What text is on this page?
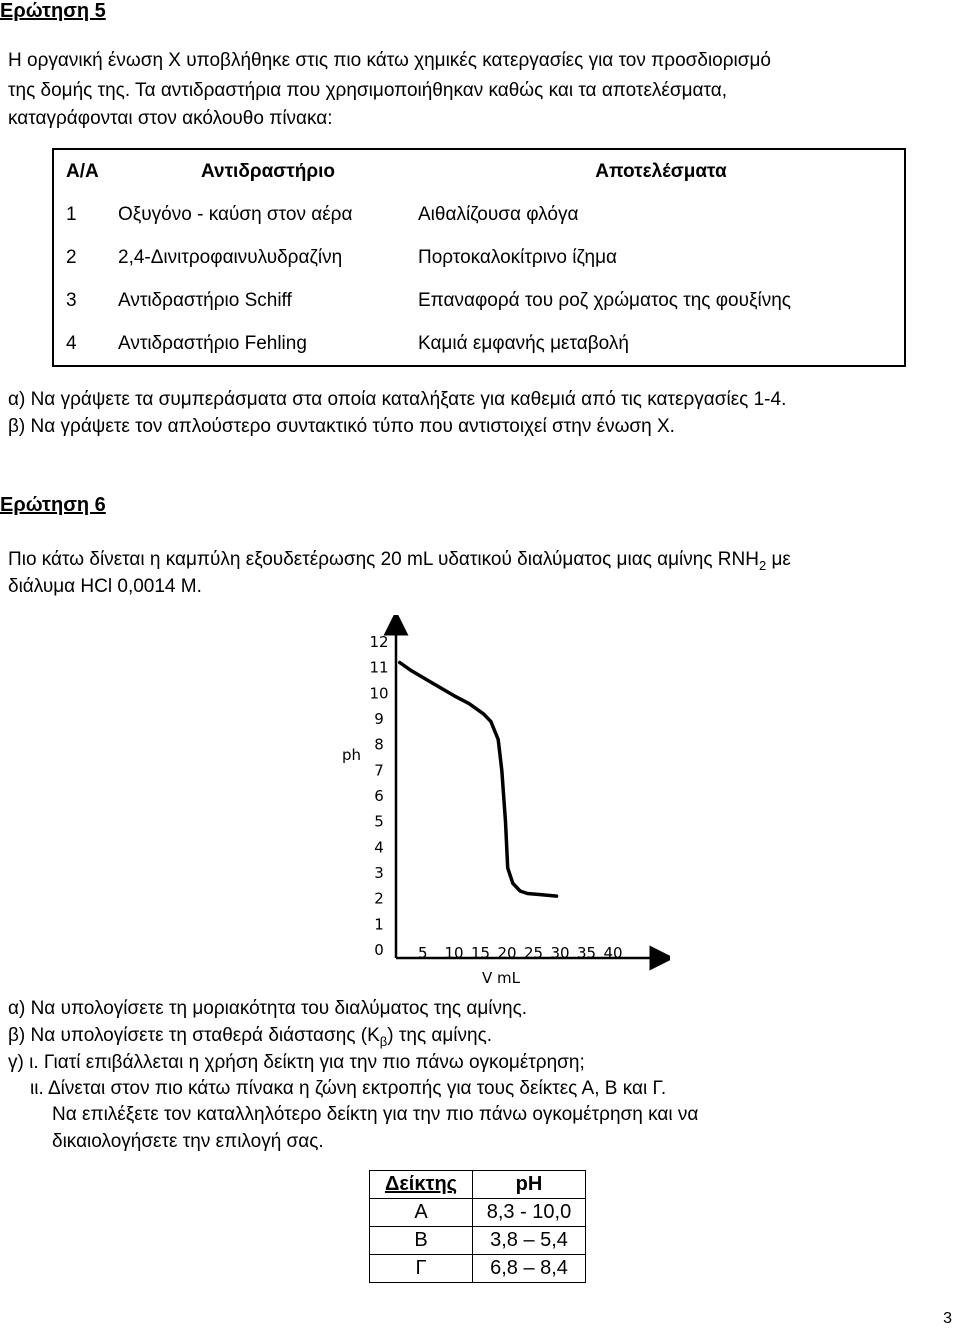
Ερώτηση 5
Η οργανική ένωση Χ υποβλήθηκε στις πιο κάτω χημικές κατεργασίες για τον προσδιορισμό
της δομής της. Τα αντιδραστήρια που χρησιμοποιήθηκαν καθώς και τα αποτελέσματα,
καταγράφονται στον ακόλουθο πίνακα:
Α/Α	Αντιδραστήριο	Αποτελέσματα
1	Οξυγόνο - καύση στον αέρα	Αιθαλίζουσα φλόγα
2	2,4-Δινιτροφαινυλυδραζίνη	Πορτοκαλοκίτρινο ίζημα
3	Αντιδραστήριο Schiff	Επαναφορά του ροζ χρώματος της φουξίνης
4	Αντιδραστήριο Fehling	Καμιά εμφανής μεταβολή
α) Να γράψετε τα συμπεράσματα στα οποία καταλήξατε για καθεμιά από τις κατεργασίες 1-4.
β) Να γράψετε τον απλούστερο συντακτικό τύπο που αντιστοιχεί στην ένωση Χ.
Ερώτηση 6
Πιο κάτω δίνεται η καμπύλη εξουδετέρωσης 20 mL υδατικού διαλύματος μιας αμίνης $RNH_2$ με
διάλυμα HCl 0,0014 M.
12
11
10
9
8
7
6
5
4
3
2
1
0 5 10 15 20 25 30 35 40
ph
V mL
α) Να υπολογίσετε τη μοριακότητα του διαλύματος της αμίνης.
β) Να υπολογίσετε τη σταθερά διάστασης $(K_\beta)$ της αμίνης.
γ) ι. Γιατί επιβάλλεται η χρήση δείκτη για την πιο πάνω ογκομέτρηση;
ιι. Δίνεται στον πιο κάτω πίνακα η ζώνη εκτροπής για τους δείκτες Α, Β και Γ.
Να επιλέξετε τον καταλληλότερο δείκτη για την πιο πάνω ογκομέτρηση και να
δικαιολογήσετε την επιλογή σας.
Δείκτης	pH
Α	8,3 - 10,0
Β	3,8 – 5,4
Γ	6,8 – 8,4
3
